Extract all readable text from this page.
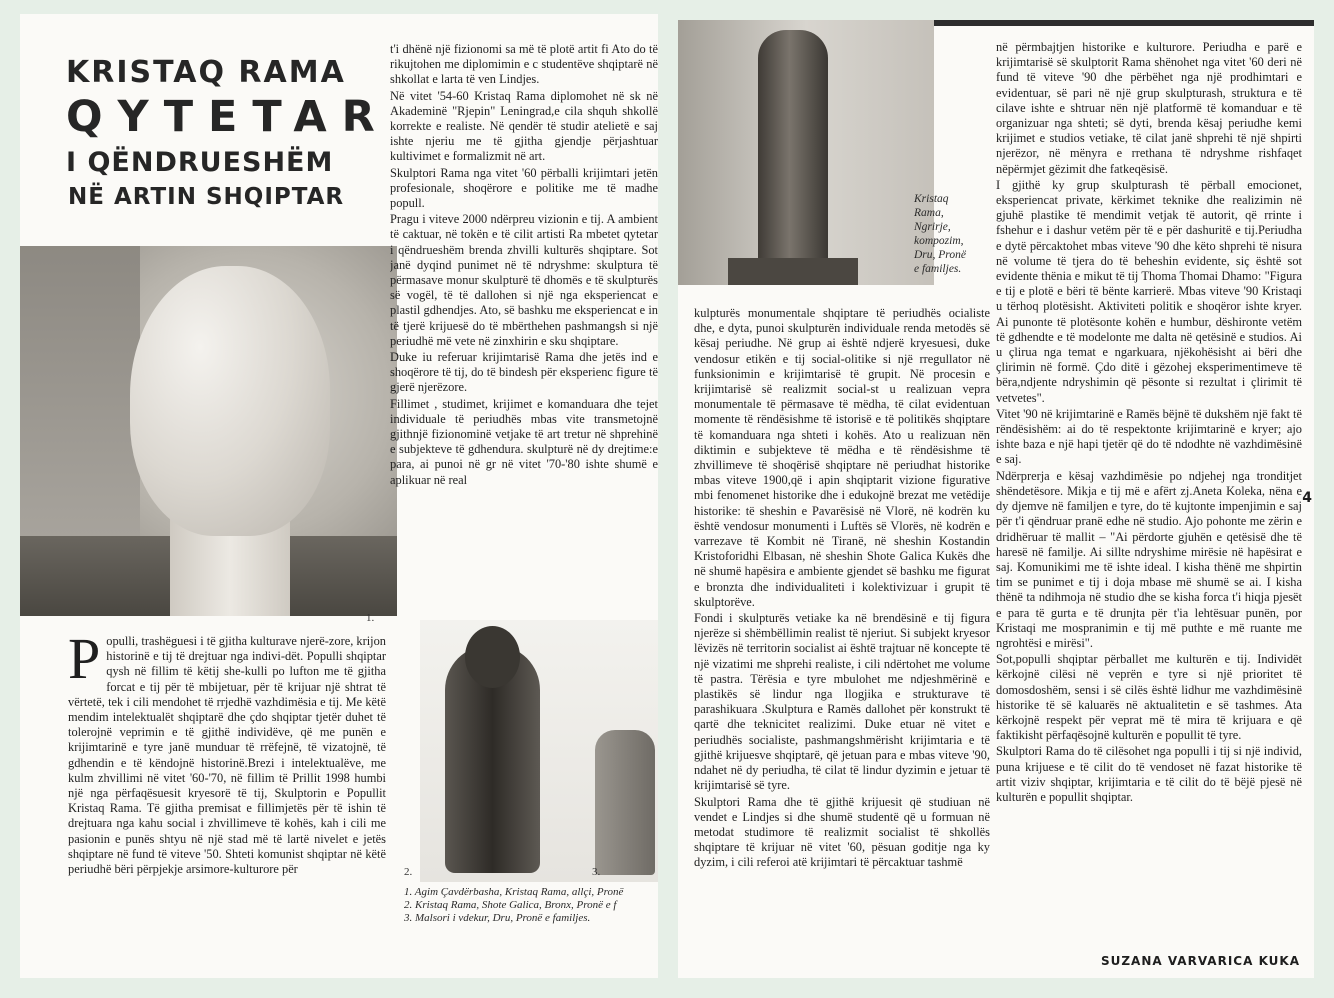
KRISTAQ RAMA
QYTETAR
I QËNDRUESHËM
NË ARTIN SHQIPTAR
1.

Populli, trashëguesi i të gjitha kulturave njerë-zore, krijon historinë e tij të drejtuar nga indivi-dët. Populli shqiptar qysh në fillim të këtij she-kulli po lufton me të gjitha forcat e tij për të mbijetuar, për të krijuar një shtrat të vërtetë, tek i cili mendohet të rrjedhë vazhdimësia e tij. Me këtë mendim intelektualët shqiptarë dhe çdo shqiptar tjetër duhet të tolerojnë veprimin e të gjithë individëve, që me punën e krijimtarinë e tyre janë munduar të rrëfejnë, të vizatojnë, të gdhendin e të këndojnë historinë.Brezi i intelektualëve, me kulm zhvillimi në vitet '60-'70, në fillim të Prillit 1998 humbi një nga përfaqësuesit kryesorë të tij, Skulptorin e Popullit Kristaq Rama. Të gjitha premisat e fillimjetës për të ishin të drejtuara nga kahu social i zhvillimeve të kohës, kah i cili me pasionin e punës shtyu në një stad më të lartë nivelet e jetës shqiptare në fund të viteve '50. Shteti komunist shqiptar në këtë periudhë bëri përpjekje arsimore-kulturore për

t'i dhënë një fizionomi sa më të plotë artit fi Ato do të rikujtohen me diplomimin e c studentëve shqiptarë në shkollat e larta të ven Lindjes.

Në vitet '54-60 Kristaq Rama diplomohet në sk në Akademinë "Rjepin" Leningrad,e cila shquh shkollë korrekte e realiste. Në qendër të studir atelietë e saj ishte njeriu me të gjitha gjendje përjashtuar kultivimet e formalizmit në art.

Skulptori Rama nga vitet '60 përballi krijimtari jetën profesionale, shoqërore e politike me të madhe popull.

Pragu i viteve 2000 ndërpreu vizionin e tij. A ambient të caktuar, në tokën e të cilit artisti Ra mbetet qytetar i qëndrueshëm brenda zhvilli kulturës shqiptare. Sot janë dyqind punimet në të ndryshme: skulptura të përmasave monur skulpturë të dhomës e të skulpturës së vogël, të të dallohen si një nga eksperiencat e plastil gdhendjes. Ato, së bashku me eksperiencat e in të tjerë krijuesë do të mbërthehen pashmangsh si një periudhë më vete në zinxhirin e sku shqiptare.

Duke iu referuar krijimtarisë Rama dhe jetës ind e shoqërore të tij, do të bindesh për eksperienc figure të gjerë njerëzore.

Fillimet , studimet, krijimet e komanduara dhe tejet individuale të periudhës mbas vite transmetojnë gjithnjë fizionominë vetjake të art tretur në shprehinë e subjekteve të gdhendura. skulpturë në dy drejtime:e para, ai punoi në gr në vitet '70-'80 ishte shumë e aplikuar në real

2.	3.
1. Agim Çavdërbasha, Kristaq Rama, allçi, Pronë
2. Kristaq Rama, Shote Galica, Bronx, Pronë e f
3. Malsori i vdekur, Dru, Pronë e familjes.
Kristaq
Rama,
Ngrirje,
kompozim,
Dru, Pronë
e familjes.

kulpturës monumentale shqiptare të periudhës ocialiste dhe, e dyta, punoi skulpturën individuale renda metodës së kësaj periudhe. Në grup ai është ndjerë kryesuesi, duke vendosur etikën e tij social-olitike si një rregullator në funksionimin e krijimtarisë të grupit. Në procesin e krijimtarisë së realizmit social-st u realizuan vepra monumentale të përmasave të mëdha, të cilat evidentuan momente të rëndësishme të istorisë e të politikës shqiptare të komanduara nga shteti i kohës. Ato u realizuan nën diktimin e subjekteve të mëdha e të rëndësishme të zhvillimeve të shoqërisë shqiptare në periudhat historike mbas viteve 1900,që i apin shqiptarit vizione figurative mbi fenomenet historike dhe i edukojnë brezat me vetëdije historike: të sheshin e Pavarësisë në Vlorë, në kodrën ku është vendosur monumenti i Luftës së Vlorës, në kodrën e varrezave të Kombit në Tiranë, në sheshin Kostandin Kristoforidhi Elbasan, në sheshin Shote Galica Kukës dhe në shumë hapësira e ambiente gjendet së bashku me figurat e bronzta dhe individualiteti i kolektivizuar i grupit të skulptorëve.

Fondi i skulpturës vetiake ka në brendësinë e tij figura njerëze si shëmbëllimin realist të njeriut. Si subjekt kryesor lëvizës në territorin socialist ai është trajtuar në koncepte të një vizatimi me shprehi realiste, i cili ndërtohet me volume të pastra. Tërësia e tyre mbulohet me ndjeshmërinë e plastikës së lindur nga llogjika e strukturave të parashikuara .Skulptura e Ramës dallohet për konstrukt të qartë dhe teknicitet realizimi. Duke etuar në vitet e periudhës socialiste, pashmangshmërisht krijimtaria e të gjithë krijuesve shqiptarë, që jetuan para e mbas viteve '90, ndahet në dy periudha, të cilat të lindur dyzimin e jetuar të krijimtarisë së tyre.

Skulptori Rama dhe të gjithë krijuesit që studiuan në vendet e Lindjes si dhe shumë studentë që u formuan në metodat studimore të realizmit socialist të shkollës shqiptare të krijuar në vitet '60, pësuan goditje nga ky dyzim, i cili referoi atë krijimtari të përcaktuar tashmë

në përmbajtjen historike e kulturore. Periudha e parë e krijimtarisë së skulptorit Rama shënohet nga vitet '60 deri në fund të viteve '90 dhe përbëhet nga një prodhimtari e evidentuar, së pari në një grup skulpturash, struktura e të cilave ishte e shtruar nën një platformë të komanduar e të organizuar nga shteti; së dyti, brenda kësaj periudhe kemi krijimet e studios vetiake, të cilat janë shprehi të një shpirti njerëzor, në mënyra e rrethana të ndryshme rishfaqet nëpërmjet gëzimit dhe fatkeqësisë.

I gjithë ky grup skulpturash të përball emocionet, eksperiencat private, kërkimet teknike dhe realizimin në gjuhë plastike të mendimit vetjak të autorit, që rrinte i fshehur e i dashur vetëm për të e për dashuritë e tij.Periudha e dytë përcaktohet mbas viteve '90 dhe këto shprehi të nisura në volume të tjera do të beheshin evidente, siç është sot evidente thënia e mikut të tij Thoma Thomai Dhamo: "Figura e tij e plotë e bëri të bënte karrierë. Mbas viteve '90 Kristaqi u tërhoq plotësisht. Aktiviteti politik e shoqëror ishte kryer. Ai punonte të plotësonte kohën e humbur, dëshironte vetëm të gdhendte e të modelonte me dalta në qetësinë e studios. Ai u çlirua nga temat e ngarkuara, njëkohësisht ai bëri dhe çlirimin në formë. Çdo ditë i gëzohej eksperimentimeve të bëra,ndjente ndryshimin që pësonte si rezultat i çlirimit të vetvetes".

Vitet '90 në krijimtarinë e Ramës bëjnë të dukshëm një fakt të rëndësishëm: ai do të respektonte krijimtarinë e kryer; ajo ishte baza e një hapi tjetër që do të ndodhte në vazhdimësinë e saj.

Ndërprerja e kësaj vazhdimësie po ndjehej nga tronditjet shëndetësore. Mikja e tij më e afërt zj.Aneta Koleka, nëna e dy djemve në familjen e tyre, do të kujtonte impenjimin e saj për t'i qëndruar pranë edhe në studio. Ajo pohonte me zërin e dridhëruar të mallit – "Ai përdorte gjuhën e qetësisë dhe të haresë në familje. Ai sillte ndryshime mirësie në hapësirat e saj. Komunikimi me të ishte ideal. I kisha thënë me shpirtin tim se punimet e tij i doja mbase më shumë se ai. I kisha thënë ta ndihmoja në studio dhe se kisha forca t'i hiqja pjesët e para të gurta e të drunjta për t'ia lehtësuar punën, por Kristaqi me mospranimin e tij më puthte e më ruante me ngrohtësi e mirësi".

Sot,populli shqiptar përballet me kulturën e tij. Individët kërkojnë cilësi në veprën e tyre si një prioritet të domosdoshëm, sensi i së cilës është lidhur me vazhdimësinë historike të së kaluarës në aktualitetin e së tashmes. Ata kërkojnë respekt për veprat më të mira të krijuara e që faktikisht përfaqësojnë kulturën e popullit të tyre.

Skulptori Rama do të cilësohet nga populli i tij si një individ, puna krijuese e të cilit do të vendoset në fazat historike të artit viziv shqiptar, krijimtaria e të cilit do të bëjë pjesë në kulturën e popullit shqiptar.

SUZANA VARVARICA KUKA
4
